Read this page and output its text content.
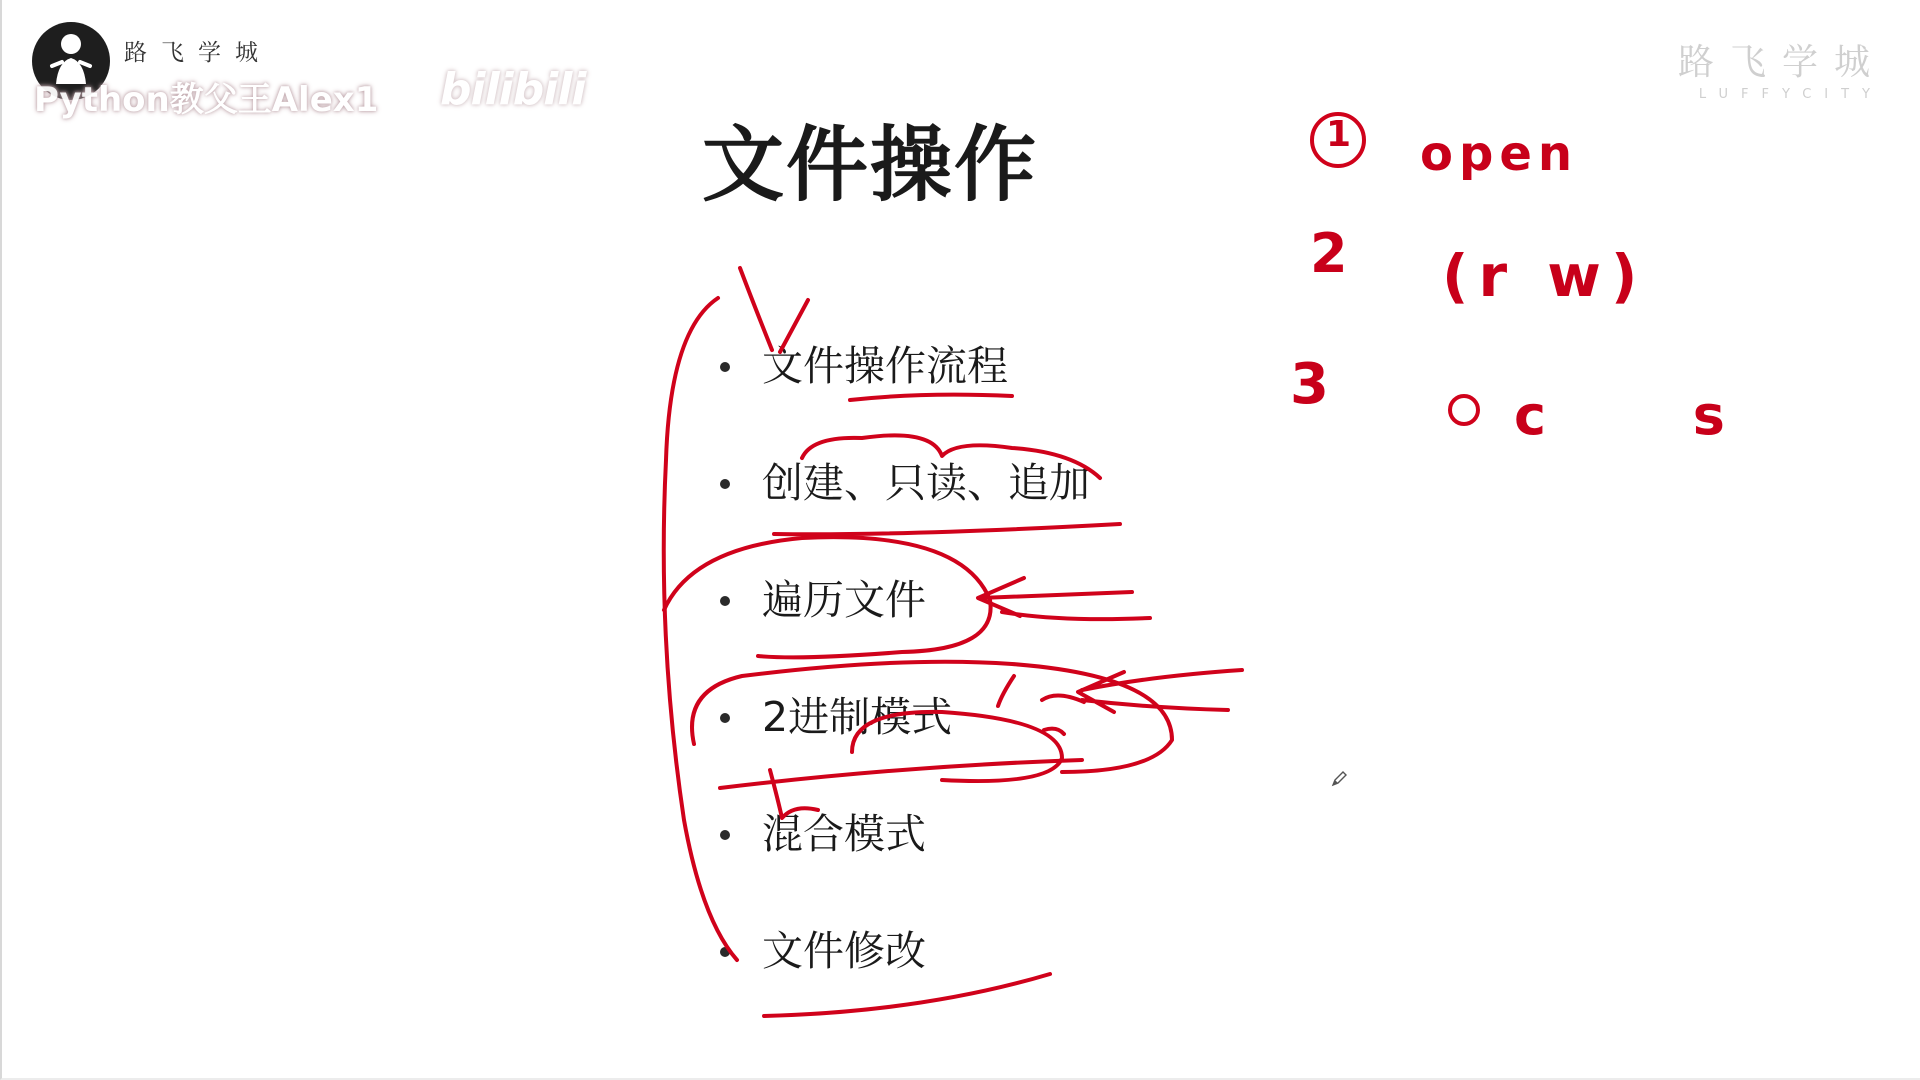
路飞学城
Python教父王Alex1 bilibili
路飞学城
LUFFYCITY
文件操作
文件操作流程
创建、只读、追加
遍历文件
2进制模式
混合模式
文件修改
1 open
2 (r w)
3	c s
